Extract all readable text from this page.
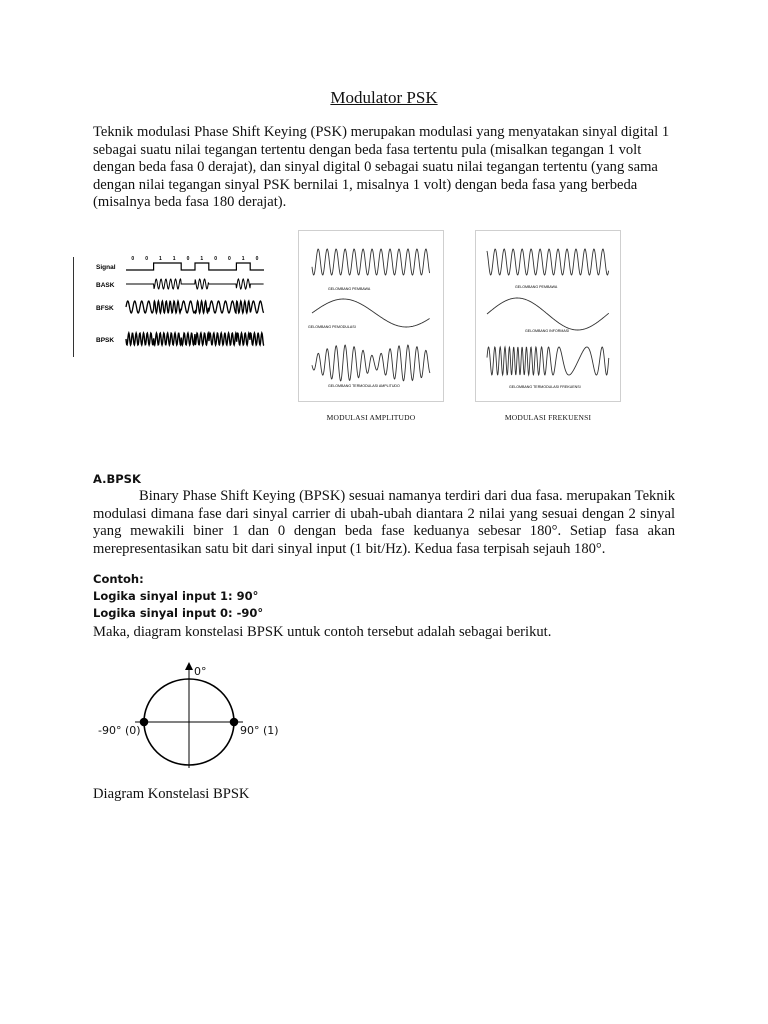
Modulator PSK
Teknik modulasi Phase Shift Keying (PSK) merupakan modulasi yang menyatakan sinyal digital 1 sebagai suatu nilai tegangan tertentu dengan beda fasa tertentu pula (misalkan tegangan 1 volt dengan beda fasa 0 derajat), dan sinyal digital 0 sebagai suatu nilai tegangan tertentu (yang sama dengan nilai tegangan sinyal PSK bernilai 1, misalnya 1 volt) dengan beda fasa yang berbeda (misalnya beda fasa 180 derajat).
Signal
BASK
BFSK
BPSK
0 0 1 1 0 1 0 0 1 0
GELOMBANG PEMBAWA
GELOMBANG PEMODULASI
GELOMBANG TERMODULASI AMPLITUDO
MODULASI AMPLITUDO
GELOMBANG PEMBAWA
GELOMBANG INFORMASI
GELOMBANG TERMODULASI FREKUENSI
MODULASI FREKUENSI
A.BPSK
Binary Phase Shift Keying (BPSK) sesuai namanya terdiri dari dua fasa. merupakan Teknik modulasi dimana fase dari sinyal carrier di ubah-ubah diantara 2 nilai yang sesuai dengan 2 sinyal yang mewakili biner 1 dan 0 dengan beda fase keduanya sebesar 180°. Setiap fasa akan merepresentasikan satu bit dari sinyal input (1 bit/Hz). Kedua fasa terpisah sejauh 180°.
Contoh:
Logika sinyal input 1: 90°
Logika sinyal input 0: -90°
Maka, diagram konstelasi BPSK untuk contoh tersebut adalah sebagai berikut.
0°
-90° (0)	90° (1)
Diagram Konstelasi BPSK
